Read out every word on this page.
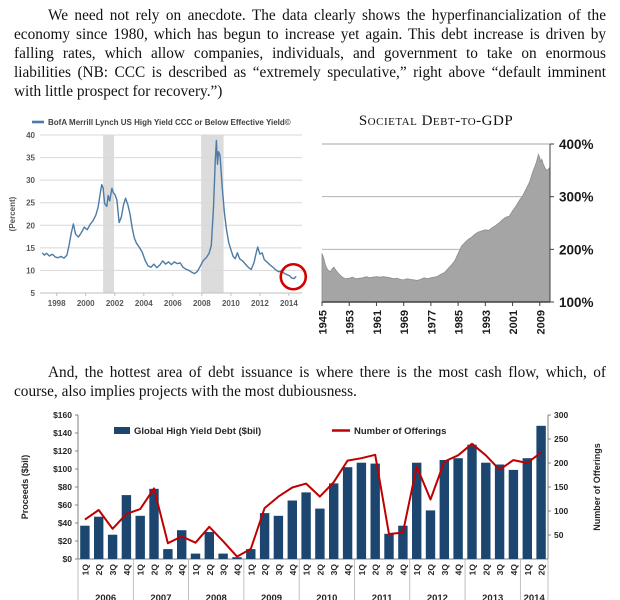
We need not rely on anecdote. The data clearly shows the hyperfinancialization of the economy since 1980, which has begun to increase yet again. This debt increase is driven by falling rates, which allow companies, individuals, and government to take on enormous liabilities (NB: CCC is described as “extremely speculative,” right above “default imminent with little prospect for recovery.”)

5
10
15
20
25
30
35
40
1998 2000 2002 2004 2006 2008 2010 2012 2014
BofA Merrill Lynch US High Yield CCC or Below Effective Yield©
(Percent)
Societal Debt-to-GDP
100%
200%
300%
400%
1945 1953 1961 1969 1977 1985 1993 2001 2009

And, the hottest area of debt issuance is where there is the most cash flow, which, of course, also implies projects with the most dubiousness.

$0
$20
$40
$60
$80
$100
$120
$140
$160
50
100
150
200
250
300
1Q 2Q 3Q 4Q
2006
1Q 2Q 3Q 4Q
2007
1Q 2Q 3Q 4Q
2008
1Q 2Q 3Q 4Q
2009
1Q 2Q 3Q 4Q
2010
1Q 2Q 3Q 4Q
2011
1Q 2Q 3Q 4Q
2012
1Q 2Q 3Q 4Q
2013
1Q 2Q
2014
Global High Yield Debt ($bil)	Number of Offerings
Proceeds ($bil)	Number of Offerings
